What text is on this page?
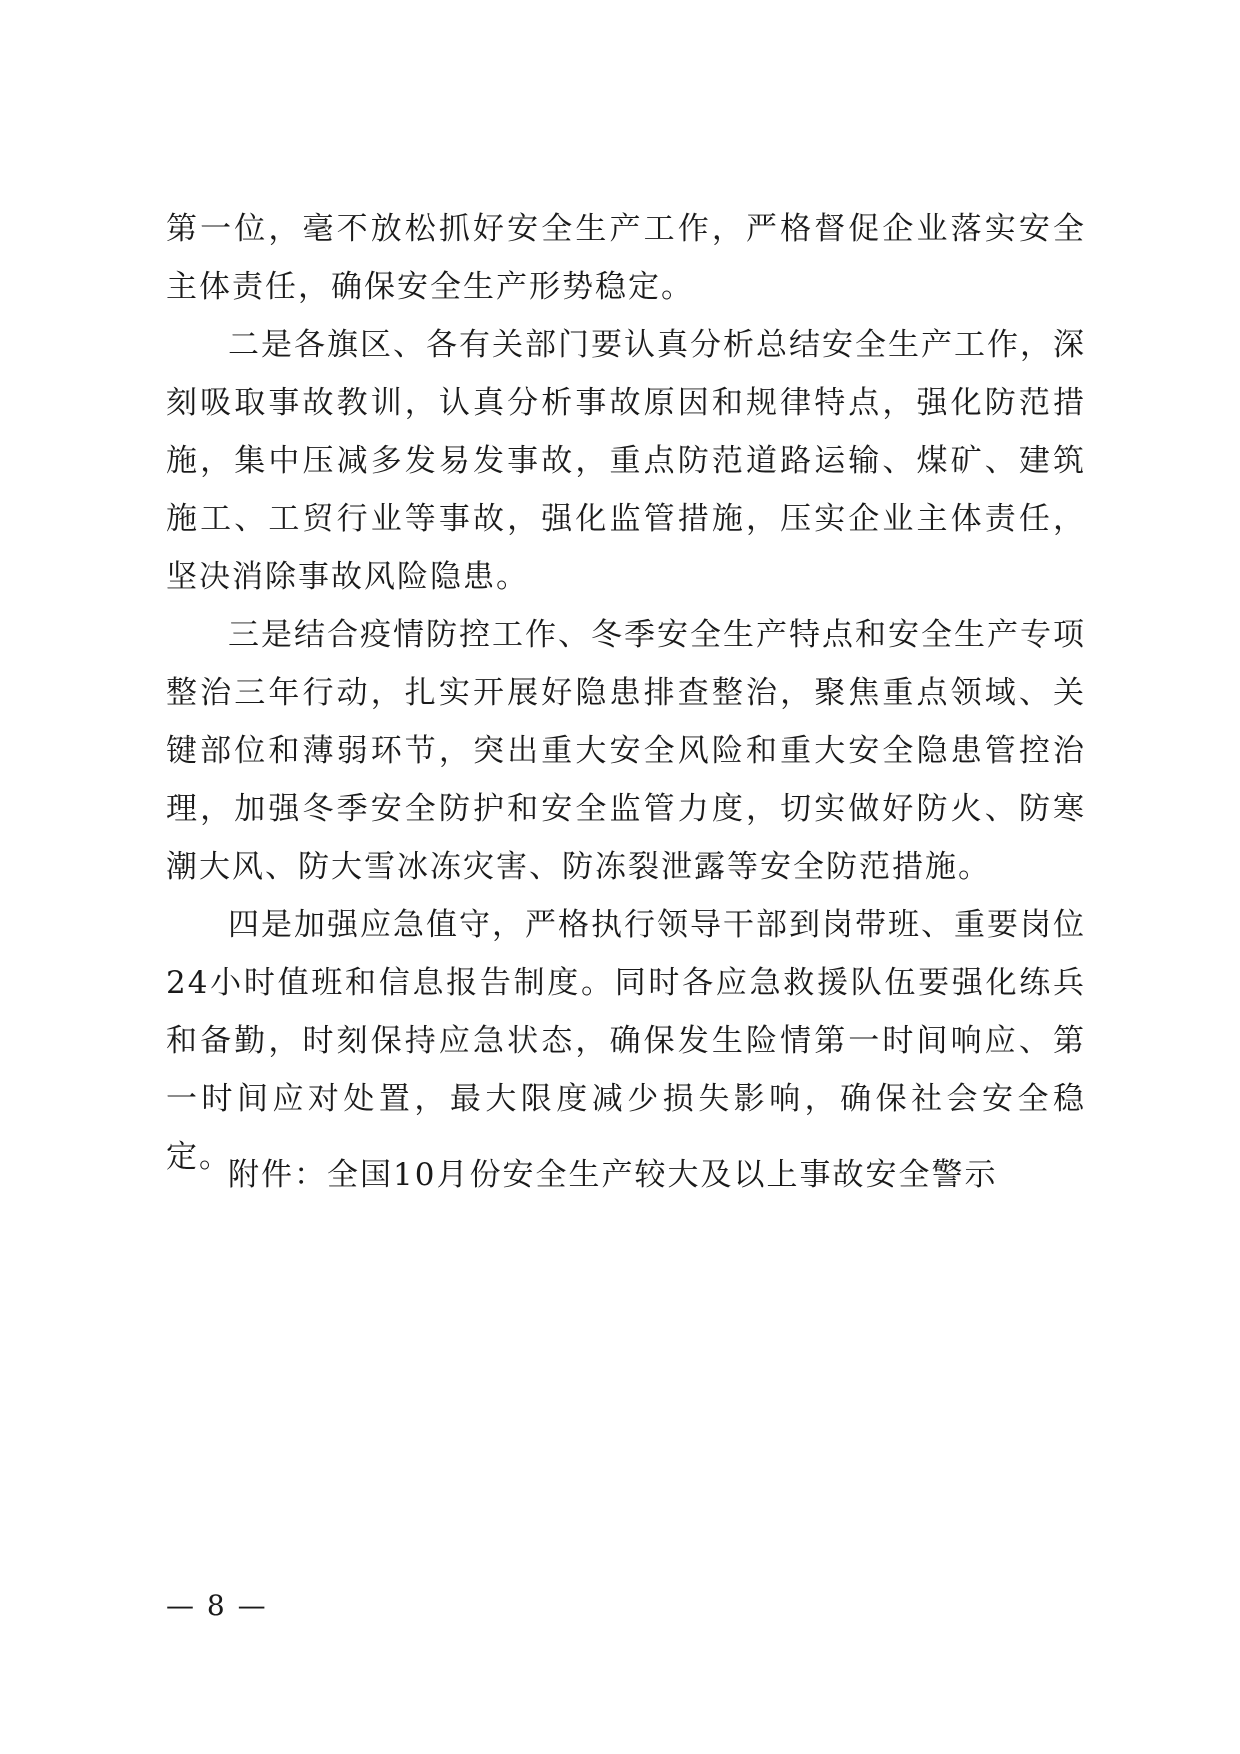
第一位，毫不放松抓好安全生产工作，严格督促企业落实安全主体责任，确保安全生产形势稳定。

二是各旗区、各有关部门要认真分析总结安全生产工作，深刻吸取事故教训，认真分析事故原因和规律特点，强化防范措施，集中压减多发易发事故，重点防范道路运输、煤矿、建筑施工、工贸行业等事故，强化监管措施，压实企业主体责任，坚决消除事故风险隐患。

三是结合疫情防控工作、冬季安全生产特点和安全生产专项整治三年行动，扎实开展好隐患排查整治，聚焦重点领域、关键部位和薄弱环节，突出重大安全风险和重大安全隐患管控治理，加强冬季安全防护和安全监管力度，切实做好防火、防寒潮大风、防大雪冰冻灾害、防冻裂泄露等安全防范措施。

四是加强应急值守，严格执行领导干部到岗带班、重要岗位24小时值班和信息报告制度。同时各应急救援队伍要强化练兵和备勤，时刻保持应急状态，确保发生险情第一时间响应、第一时间应对处置，最大限度减少损失影响，确保社会安全稳定。

附件：全国10月份安全生产较大及以上事故安全警示

— 8 —
